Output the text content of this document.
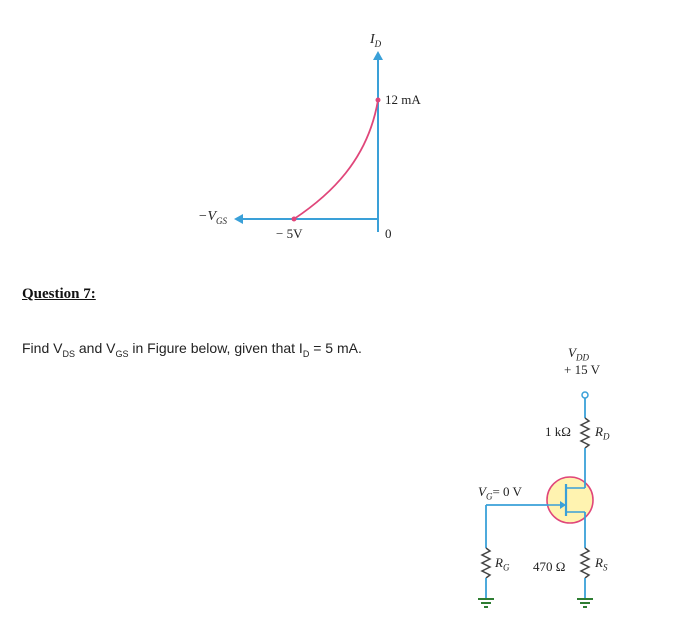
$I_D$
12 mA
$-V_{GS}$
− 5V	0
Question 7:
Find $V_{DS}$ and $V_{GS}$ in Figure below, given that $I_D = 5$ mA.	$V_{DD}$
+ 15 V
1 kΩ $R_D$
$V_G= 0$ V
$R_G$ 470 Ω $R_S$
